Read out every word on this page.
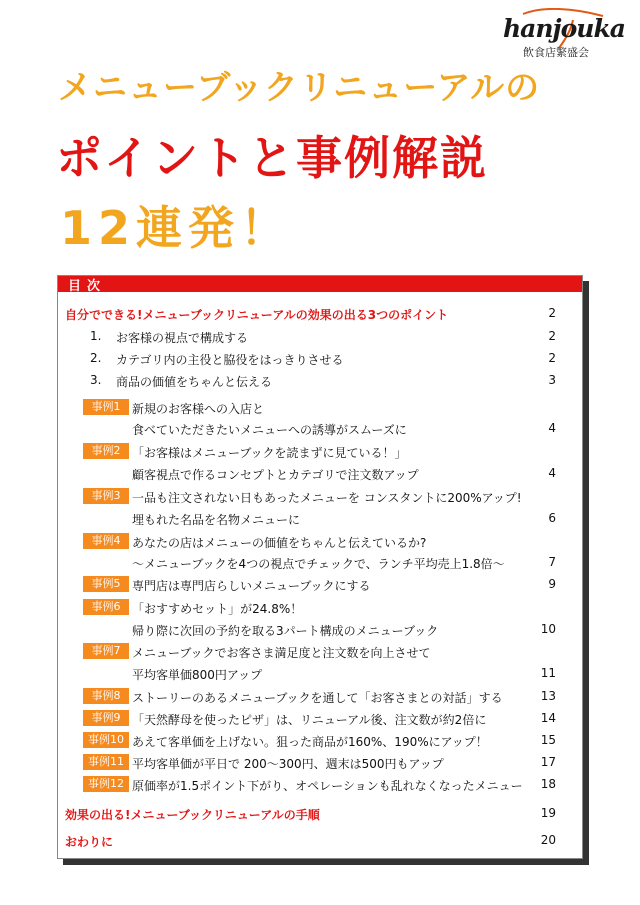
hanjouka
飲食店繁盛会
メニューブックリニューアルの
ポイントと事例解説
12連発！
目次
自分でできる!メニューブックリニューアルの効果の出る3つのポイント	2
1. お客様の視点で構成する	2
2. カテゴリ内の主役と脇役をはっきりさせる	2
3. 商品の価値をちゃんと伝える	3
事例1 新規のお客様への入店と
食べていただきたいメニューへの誘導がスムーズに	4
事例2 「お客様はメニューブックを読まずに見ている！」
顧客視点で作るコンセプトとカテゴリで注文数アップ	4
事例3 一品も注文されない日もあったメニューを コンスタントに200%アップ!
埋もれた名品を名物メニューに	6
事例4 あなたの店はメニューの価値をちゃんと伝えているか?
〜メニューブックを4つの視点でチェックで、ランチ平均売上1.8倍〜	7
事例5 専門店は専門店らしいメニューブックにする	9
事例6 「おすすめセット」が24.8%！
帰り際に次回の予約を取る3パート構成のメニューブック	10
事例7 メニューブックでお客さま満足度と注文数を向上させて
平均客単価800円アップ	11
事例8 ストーリーのあるメニューブックを通して「お客さまとの対話」する	13
事例9 「天然酵母を使ったピザ」は、リニューアル後、注文数が約2倍に	14
事例10 あえて客単価を上げない。狙った商品が160%、190%にアップ！	15
事例11 平均客単価が平日で 200〜300円、週末は500円もアップ	17
事例12 原価率が1.5ポイント下がり、オペレーションも乱れなくなったメニュー 18
効果の出る!メニューブックリニューアルの手順	19
おわりに	20
